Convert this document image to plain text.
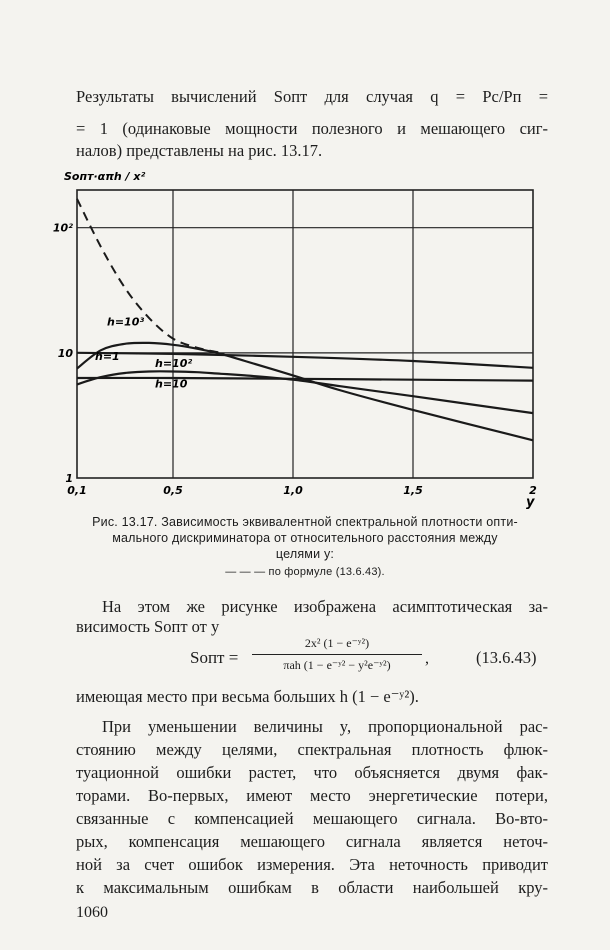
Результаты вычислений Sопт для случая q = Pc/Pп =
= 1 (одинаковые мощности полезного и мешающего сиг-
налов) представлены на рис. 13.17.
0,1	0,5	1,0	1,5	2
1
10
10²
h=10³
h=1
h=10²
h=10
Sопт·απh / x²
y
Рис. 13.17. Зависимость эквивалентной спектральной плотности опти-
мального дискриминатора от относительного расстояния между
целями y:
— — — по формуле (13.6.43).
На этом же рисунке изображена асимптотическая за-
висимость Sопт от y
Sопт =
2x² (1 − e⁻ʸ²)
πah (1 − e⁻ʸ² − y²e⁻ʸ²)	,	(13.6.43)
имеющая место при весьма больших h (1 − e⁻ʸ²).
При уменьшении величины y, пропорциональной рас-
стоянию между целями, спектральная плотность флюк-
туационной ошибки растет, что объясняется двумя фак-
торами. Во-первых, имеют место энергетические потери,
связанные с компенсацией мешающего сигнала. Во-вто-
рых, компенсация мешающего сигнала является неточ-
ной за счет ошибок измерения. Эта неточность приводит
к максимальным ошибкам в области наибольшей кру-
1060
